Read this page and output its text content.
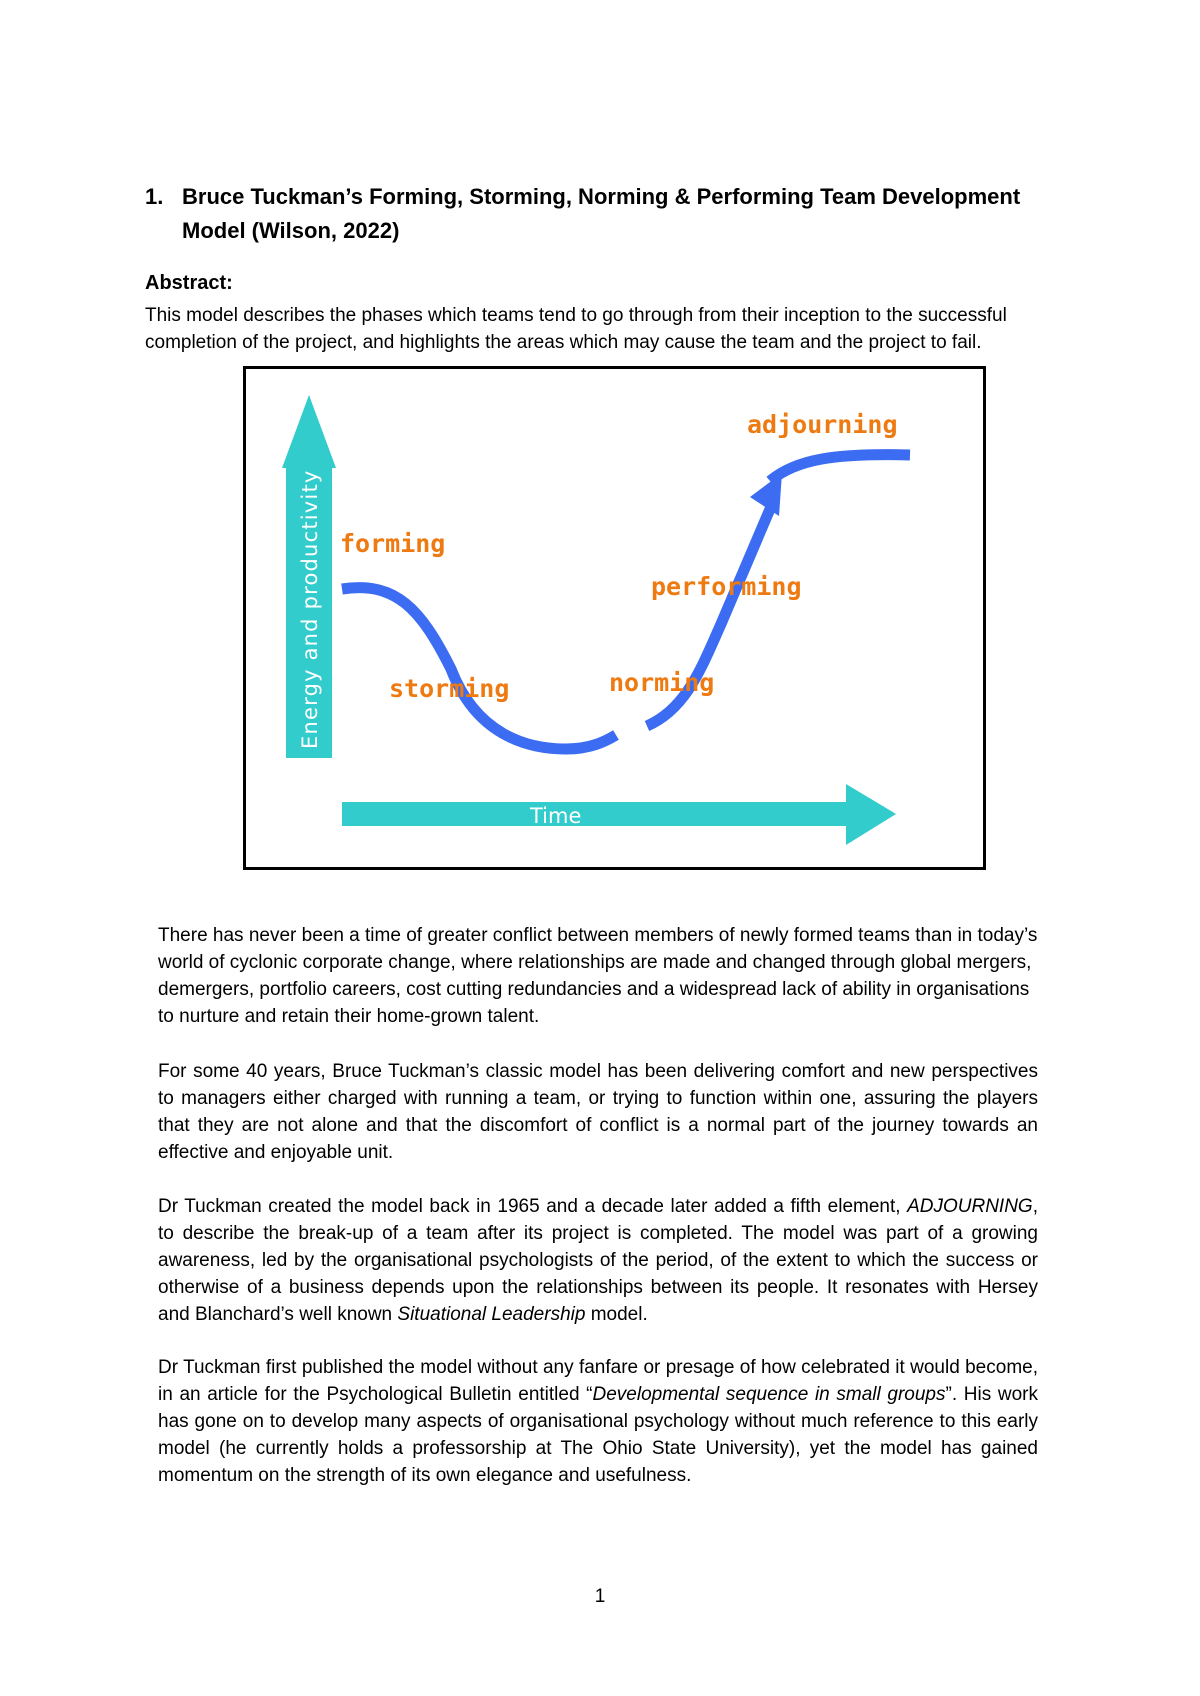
1. Bruce Tuckman’s Forming, Storming, Norming & Performing Team Development Model (Wilson, 2022)
Abstract:
This model describes the phases which teams tend to go through from their inception to the successful completion of the project, and highlights the areas which may cause the team and the project to fail.
Energy and productivity
Time
forming
storming	norming
performing
adjourning

There has never been a time of greater conflict between members of newly formed teams than in today’s world of cyclonic corporate change, where relationships are made and changed through global mergers, demergers, portfolio careers, cost cutting redundancies and a widespread lack of ability in organisations to nurture and retain their home-grown talent.

For some 40 years, Bruce Tuckman’s classic model has been delivering comfort and new perspectives to managers either charged with running a team, or trying to function within one, assuring the players that they are not alone and that the discomfort of conflict is a normal part of the journey towards an effective and enjoyable unit.

Dr Tuckman created the model back in 1965 and a decade later added a fifth element, ADJOURNING, to describe the break-up of a team after its project is completed. The model was part of a growing awareness, led by the organisational psychologists of the period, of the extent to which the success or otherwise of a business depends upon the relationships between its people. It resonates with Hersey and Blanchard’s well known Situational Leadership model.

Dr Tuckman first published the model without any fanfare or presage of how celebrated it would become, in an article for the Psychological Bulletin entitled “Developmental sequence in small groups”. His work has gone on to develop many aspects of organisational psychology without much reference to this early model (he currently holds a professorship at The Ohio State University), yet the model has gained momentum on the strength of its own elegance and usefulness.

1
